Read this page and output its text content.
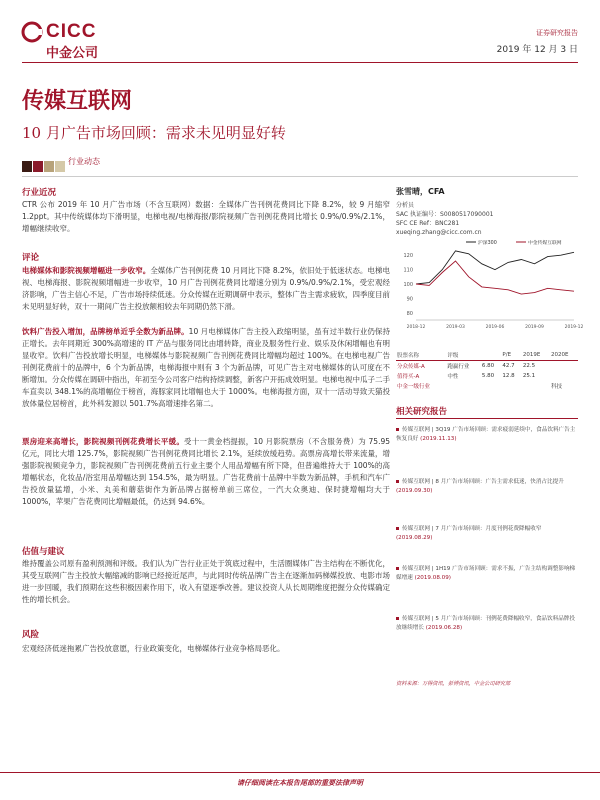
CICC
中金公司
证券研究报告
2019 年 12 月 3 日
传媒互联网
10 月广告市场回顾：需求未见明显好转
行业动态
行业近况
CTR 公布 2019 年 10 月广告市场（不含互联网）数据：全媒体广告刊例花费同比下降 8.2%，较 9 月缩窄 1.2ppt。其中传统媒体均下滑明显，电梯电视/电梯海报/影院视频广告刊例花费同比增长 0.9%/0.9%/2.1%，增幅继续收窄。
评论
电梯媒体和影院视频增幅进一步收窄。全媒体广告刊例花费 10 月同比下降 8.2%，依旧处于低迷状态。电梯电视、电梯海报、影院视频增幅进一步收窄，10 月广告刊例花费同比增速分别为 0.9%/0.9%/2.1%，受宏观经济影响，广告主信心不足，广告市场持续低迷。分众传媒在近期调研中表示，整体广告主需求疲软，四季度目前未见明显好转，双十一期间广告主投放额相较去年同期仍然下滑。
饮料广告投入增加，品牌榜单近乎全数为新品牌。10 月电梯媒体广告主投入政缩明显，虽有过半数行业仍保持正增长。去年同期近 300%高增速的 IT 产品与服务同比由增转降，商业及服务性行业、娱乐及休闲增幅也有明显收窄。饮料广告投放增长明显，电梯媒体与影院视频广告刊例花费同比增幅均超过 100%。在电梯电视广告刊例花费前十的品牌中，6 个为新品牌，电梯海报中则有 3 个为新品牌，可见广告主对电梯媒体的认可度在不断增加。分众传媒在调研中指出，年初至今公司客户结构持续调整，新客户开拓成效明显。电梯电视中瓜子二手车直卖以 348.1%的高增幅位于榜首，海豚家同比增幅也大于 1000%。电梯海报方面，双十一活动导致天猫投放体量位居榜首，此外科发源以 501.7%高增速排名第二。
票房迎来高增长，影院视频刊例花费增长平缓。受十一黄金档提振，10 月影院票房（不含服务费）为 75.95 亿元，同比大增 125.7%，影院视频广告刊例花费同比增长 2.1%，延续放缓趋势。高票房高增长带来流量，增强影院视频竞争力，影院视频广告刊例花费前五行业主要个人用品增幅有所下降，但普遍维持大于 100%的高增幅状态，化妆品/浴室用品增幅达到 154.5%，最为明显。广告花费前十品牌中半数为新品牌，手机和汽车广告投放量猛增，小米、丸美和蘑菇街作为新品牌占据榜单前三席位，一汽大众奥迪、保时捷增幅均大于 1000%，苹果广告花费同比增幅最低，仍达到 94.6%。
估值与建议
维持覆盖公司原有盈利预测和评级。我们认为广告行业正处于筑底过程中，生活圈媒体广告主结构在不断优化，其受互联网广告主投放大幅缩减的影响已经接近尾声，与此同时传统品牌广告主在逐渐加码梯媒投放、电影市场进一步回暖，我们预期在这些积极因素作用下，收入有望逐季改善。建议投资人从长周期维度把握分众传媒确定性的增长机会。
风险
宏观经济低迷拖累广告投放意愿，行业政策变化，电梯媒体行业竞争格局恶化。
张雪晴，CFA
分析员
SAC 执证编号：S0080517090001
SFC CE Ref：BNC281
xueqing.zhang@cicc.com.cn
120
110
100
90
80
2018-12	2019-03	2019-06	2019-09	2019-12
沪深300	中金传媒互联网
股票名称	评级		P/E	2019E	2020E
分众传媒-A	跑赢行业	6.80	42.7	22.5	
值得买-A	中性	5.80	12.8	25.1	
中金一级行业					科技
相关研究报告
传媒互联网 | 3Q19 广告市场回顾：需求疲弱延续中，食品饮料广告主恢复良好 (2019.11.13)
传媒互联网 | 8 月广告市场回顾：广告主需求低迷，快消占比提升 (2019.09.30)
传媒互联网 | 7 月广告市场回顾：月度刊例花费降幅收窄 (2019.08.29)
传媒互联网 | 1H19 广告市场回顾：需求不振，广告主结构调整影响梯媒增速 (2019.08.09)
传媒互联网 | 5 月广告市场回顾：刊例花费降幅收窄，食品饮料品牌投放继续增长 (2019.06.28)
资料来源：万得资讯，彭博资讯，中金公司研究部
请仔细阅读在本报告尾部的重要法律声明
